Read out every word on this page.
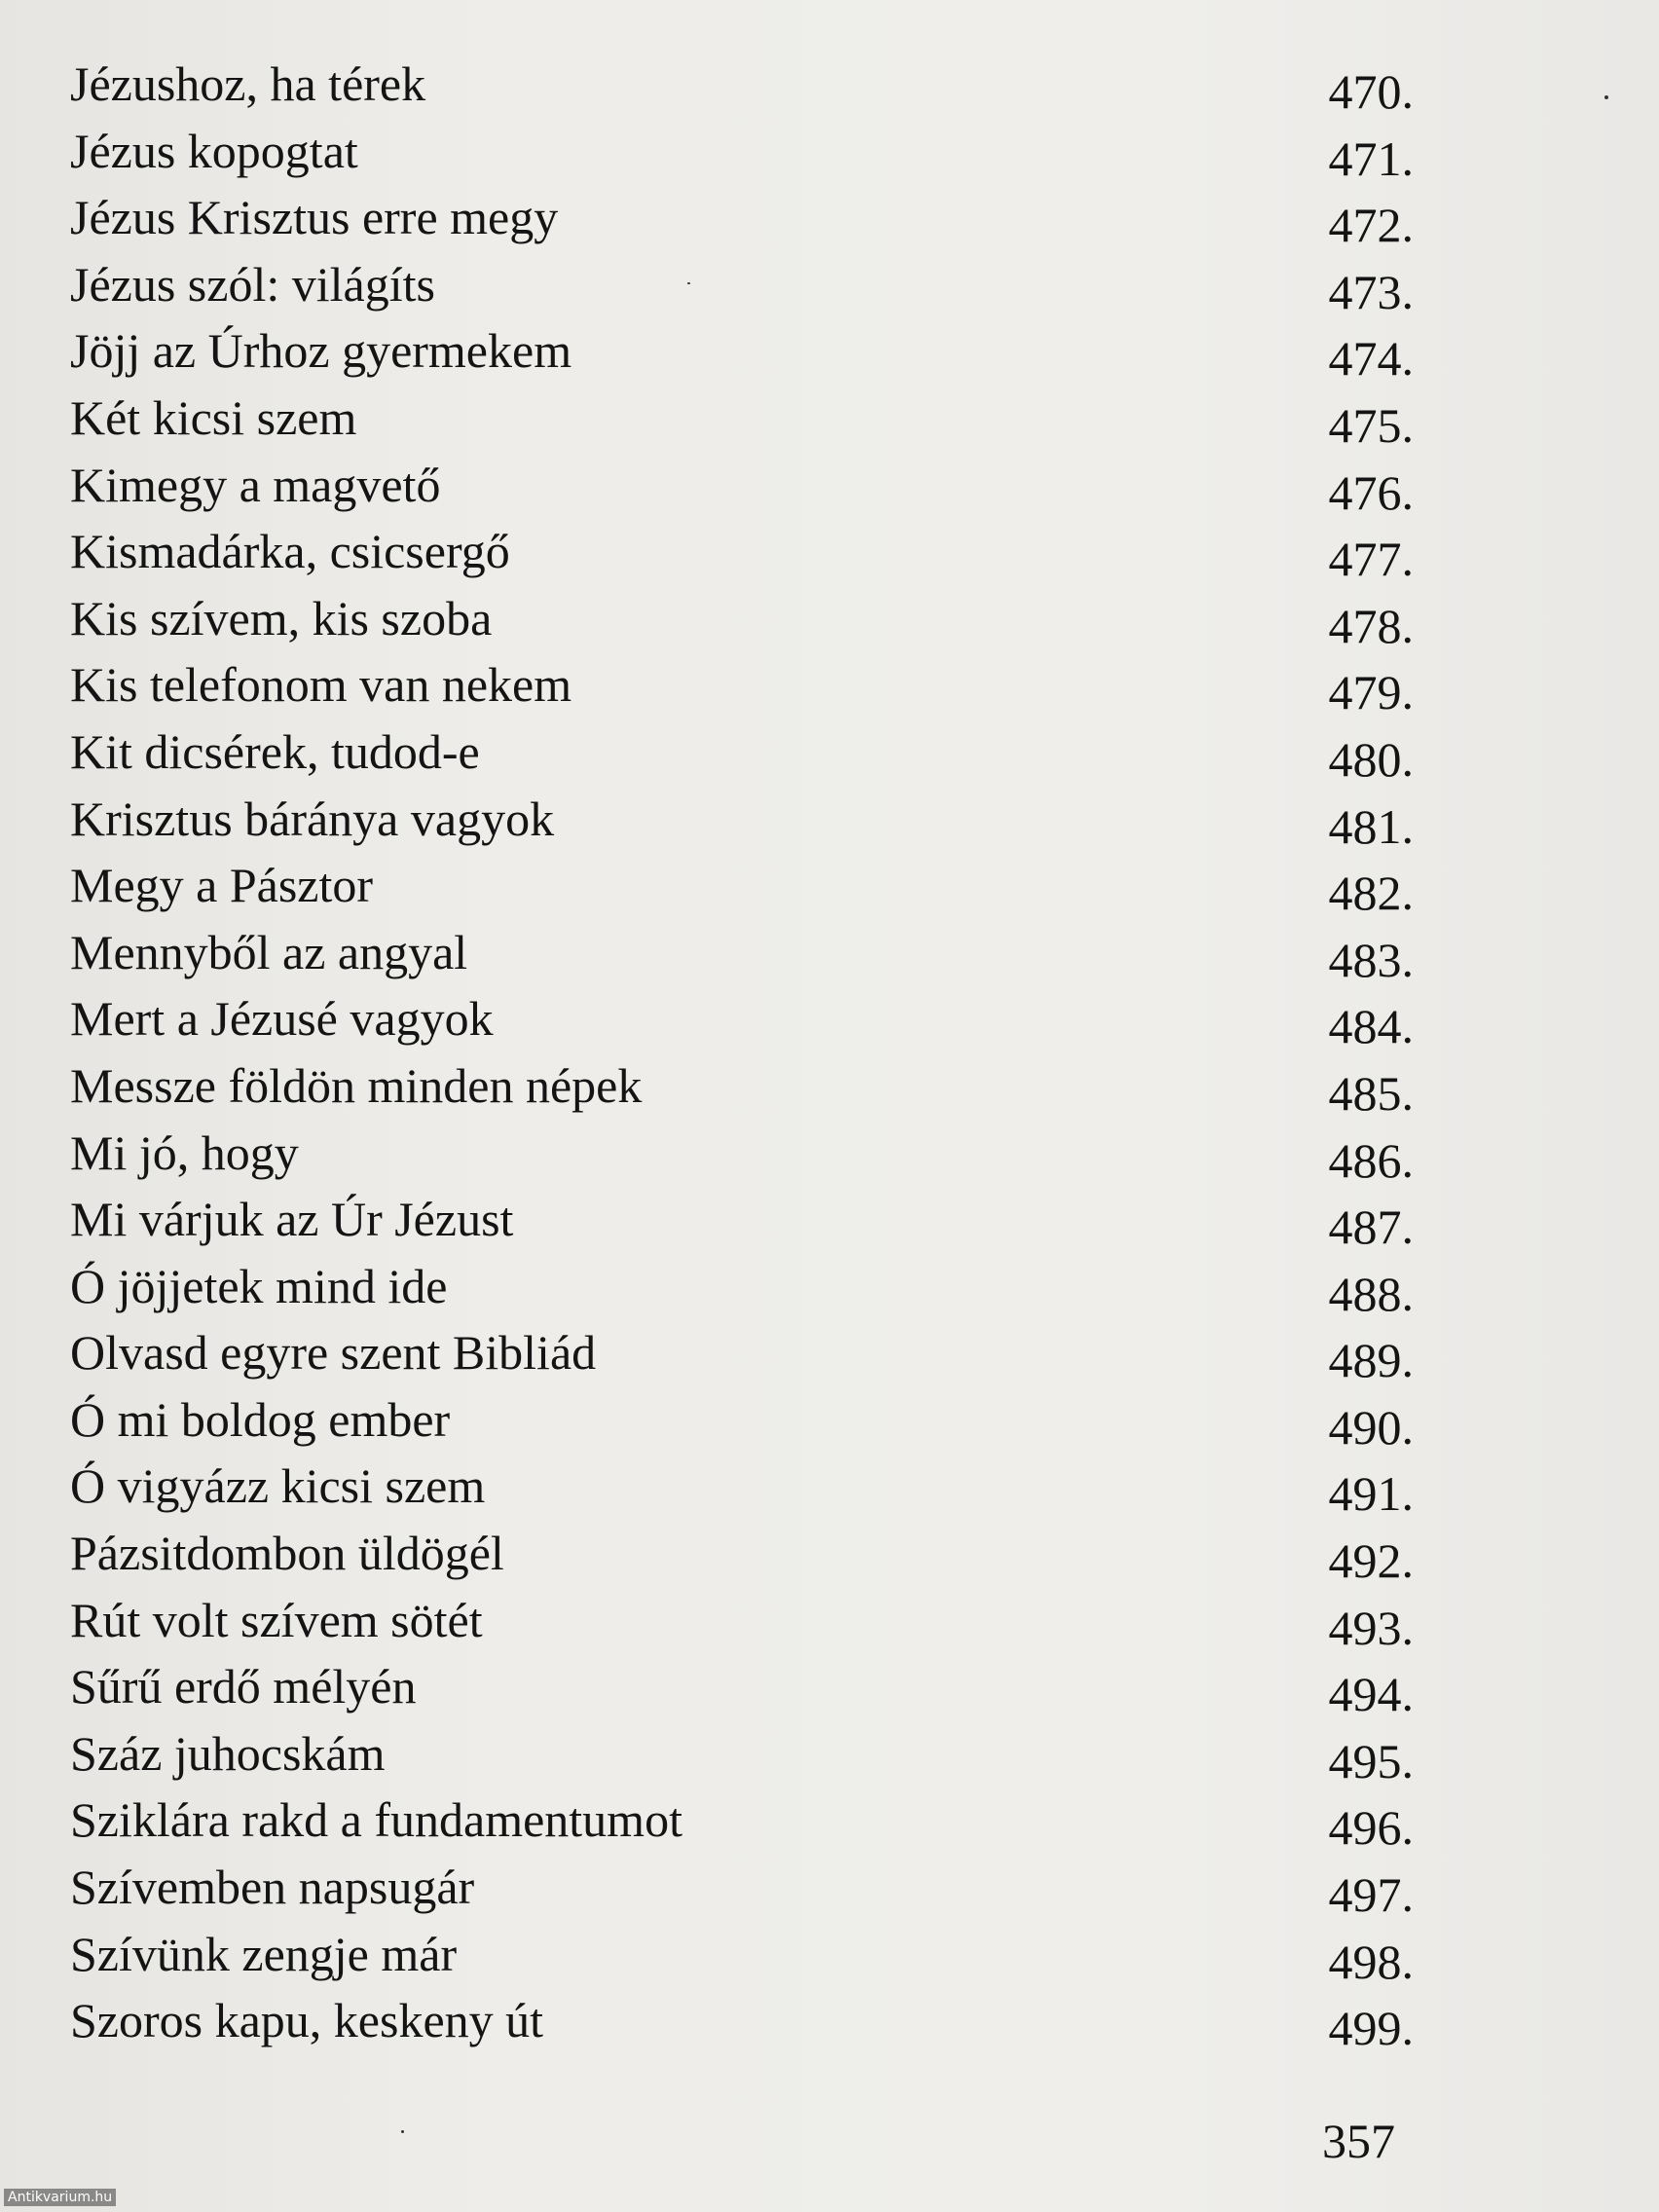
Jézushoz, ha térek	470.
Jézus kopogtat	471.
Jézus Krisztus erre megy	472.
Jézus szól: világíts	473.
Jöjj az Úrhoz gyermekem	474.
Két kicsi szem	475.
Kimegy a magvető	476.
Kismadárka, csicsergő	477.
Kis szívem, kis szoba	478.
Kis telefonom van nekem	479.
Kit dicsérek, tudod-e	480.
Krisztus báránya vagyok	481.
Megy a Pásztor	482.
Mennyből az angyal	483.
Mert a Jézusé vagyok	484.
Messze földön minden népek	485.
Mi jó, hogy	486.
Mi várjuk az Úr Jézust	487.
Ó jöjjetek mind ide	488.
Olvasd egyre szent Bibliád	489.
Ó mi boldog ember	490.
Ó vigyázz kicsi szem	491.
Pázsitdombon üldögél	492.
Rút volt szívem sötét	493.
Sűrű erdő mélyén	494.
Száz juhocskám	495.
Sziklára rakd a fundamentumot	496.
Szívemben napsugár	497.
Szívünk zengje már	498.
Szoros kapu, keskeny út	499.
357
Antikvarium.hu
